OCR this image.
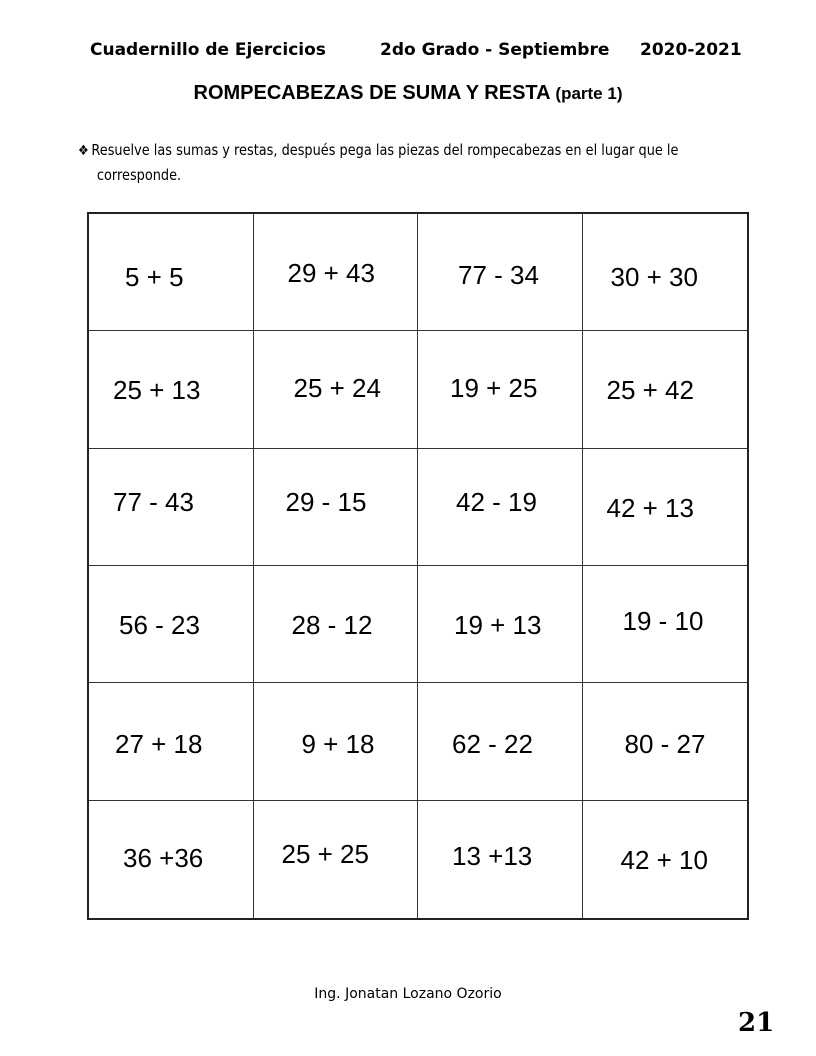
Cuadernillo de Ejercicios	2do Grado - Septiembre 2020-2021
ROMPECABEZAS DE SUMA Y RESTA (parte 1)
❖ Resuelve las sumas y restas, después pega las piezas del rompecabezas en el lugar que le
corresponde.
5 + 5	29 + 43	77 - 34	30 + 30
25 + 13	25 + 24	19 + 25	25 + 42
77 - 43	29 - 15	42 - 19	42 + 13
56 - 23	28 - 12	19 + 13	19 - 10
27 + 18	9 + 18	62 - 22	80 - 27
36 +36	25 + 25	13 +13	42 + 10
Ing. Jonatan Lozano Ozorio
21
